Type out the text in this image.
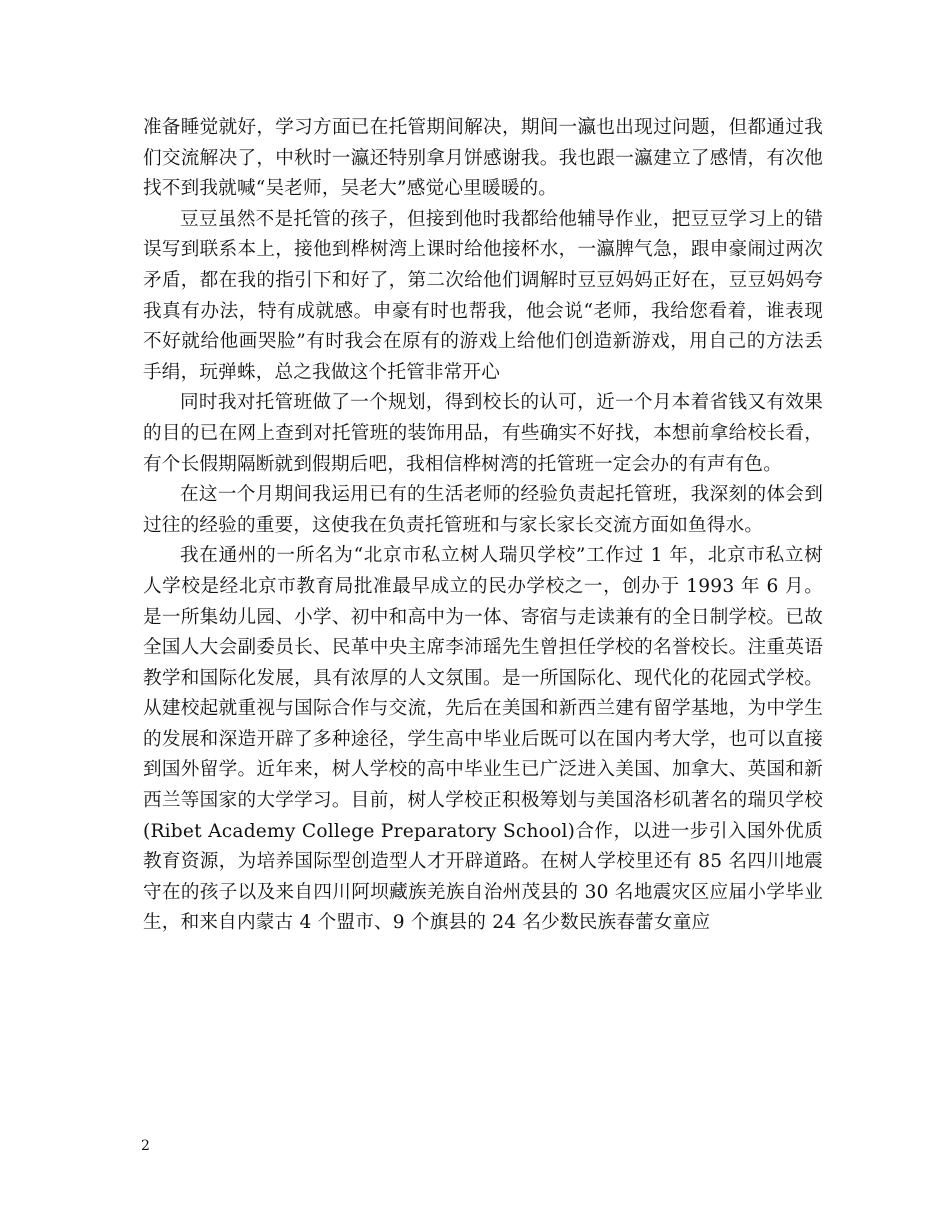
准备睡觉就好，学习方面已在托管期间解决，期间一瀛也出现过问题，但都通过我们交流解决了，中秋时一瀛还特别拿月饼感谢我。我也跟一瀛建立了感情，有次他找不到我就喊“吴老师，吴老大”感觉心里暖暖的。

豆豆虽然不是托管的孩子，但接到他时我都给他辅导作业，把豆豆学习上的错误写到联系本上，接他到桦树湾上课时给他接杯水，一瀛脾气急，跟申豪闹过两次矛盾，都在我的指引下和好了，第二次给他们调解时豆豆妈妈正好在，豆豆妈妈夸我真有办法，特有成就感。申豪有时也帮我，他会说“老师，我给您看着，谁表现不好就给他画哭脸”有时我会在原有的游戏上给他们创造新游戏，用自己的方法丢手绢，玩弹蛛，总之我做这个托管非常开心

同时我对托管班做了一个规划，得到校长的认可，近一个月本着省钱又有效果的目的已在网上查到对托管班的装饰用品，有些确实不好找，本想前拿给校长看，有个长假期隔断就到假期后吧，我相信桦树湾的托管班一定会办的有声有色。

在这一个月期间我运用已有的生活老师的经验负责起托管班，我深刻的体会到过往的经验的重要，这使我在负责托管班和与家长家长交流方面如鱼得水。

我在通州的一所名为“北京市私立树人瑞贝学校”工作过 1 年，北京市私立树人学校是经北京市教育局批准最早成立的民办学校之一，创办于 1993 年 6 月。是一所集幼儿园、小学、初中和高中为一体、寄宿与走读兼有的全日制学校。已故全国人大会副委员长、民革中央主席李沛瑶先生曾担任学校的名誉校长。注重英语教学和国际化发展，具有浓厚的人文氛围。是一所国际化、现代化的花园式学校。从建校起就重视与国际合作与交流，先后在美国和新西兰建有留学基地，为中学生的发展和深造开辟了多种途径，学生高中毕业后既可以在国内考大学，也可以直接到国外留学。近年来，树人学校的高中毕业生已广泛进入美国、加拿大、英国和新西兰等国家的大学学习。目前，树人学校正积极筹划与美国洛杉矶著名的瑞贝学校(Ribet Academy College Preparatory School)合作，以进一步引入国外优质教育资源，为培养国际型创造型人才开辟道路。在树人学校里还有 85 名四川地震守在的孩子以及来自四川阿坝藏族羌族自治州茂县的 30 名地震灾区应届小学毕业生，和来自内蒙古 4 个盟市、9 个旗县的 24 名少数民族春蕾女童应

2
